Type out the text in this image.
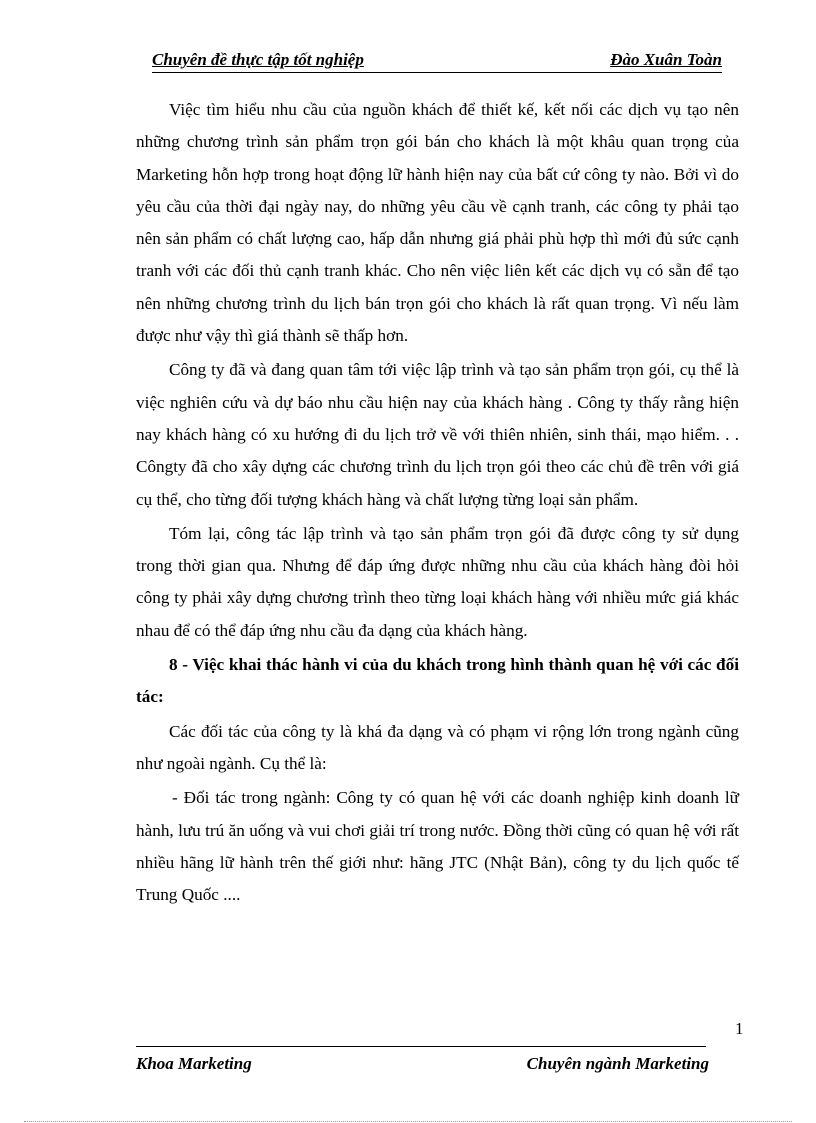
Chuyên đề thực tập tốt nghiệp	Đào Xuân Toàn

Việc tìm hiểu nhu cầu của nguồn khách để thiết kế, kết nối các dịch vụ tạo nên những chương trình sản phẩm trọn gói bán cho khách là một khâu quan trọng của Marketing hỗn hợp trong hoạt động lữ hành hiện nay của bất cứ công ty nào. Bởi vì do yêu cầu của thời đại ngày nay, do những yêu cầu về cạnh tranh, các công ty phải tạo nên sản phẩm có chất lượng cao, hấp dẫn nhưng giá phải phù hợp thì mới đủ sức cạnh tranh với các đối thủ cạnh tranh khác. Cho nên việc liên kết các dịch vụ có sẵn để tạo nên những chương trình du lịch bán trọn gói cho khách là rất quan trọng. Vì nếu làm được như vậy thì giá thành sẽ thấp hơn.

Công ty đã và đang quan tâm tới việc lập trình và tạo sản phẩm trọn gói, cụ thể là việc nghiên cứu và dự báo nhu cầu hiện nay của khách hàng . Công ty thấy rằng hiện nay khách hàng có xu hướng đi du lịch trở về với thiên nhiên, sinh thái, mạo hiểm. . . Côngty đã cho xây dựng các chương trình du lịch trọn gói theo các chủ đề trên với giá cụ thể, cho từng đối tượng khách hàng và chất lượng từng loại sản phẩm.

Tóm lại, công tác lập trình và tạo sản phẩm trọn gói đã được công ty sử dụng trong thời gian qua. Nhưng để đáp ứng được những nhu cầu của khách hàng đòi hỏi công ty phải xây dựng chương trình theo từng loại khách hàng với nhiều mức giá khác nhau để có thể đáp ứng nhu cầu đa dạng của khách hàng.

8 - Việc khai thác hành vi của du khách trong hình thành quan hệ với các đối tác:

Các đối tác của công ty là khá đa dạng và có phạm vi rộng lớn trong ngành cũng như ngoài ngành. Cụ thể là:

- Đối tác trong ngành: Công ty có quan hệ với các doanh nghiệp kinh doanh lữ hành, lưu trú ăn uống và vui chơi giải trí trong nước. Đồng thời cũng có quan hệ với rất nhiều hãng lữ hành trên thế giới như: hãng JTC (Nhật Bản), công ty du lịch quốc tế Trung Quốc ....

1
Khoa Marketing	Chuyên ngành Marketing
